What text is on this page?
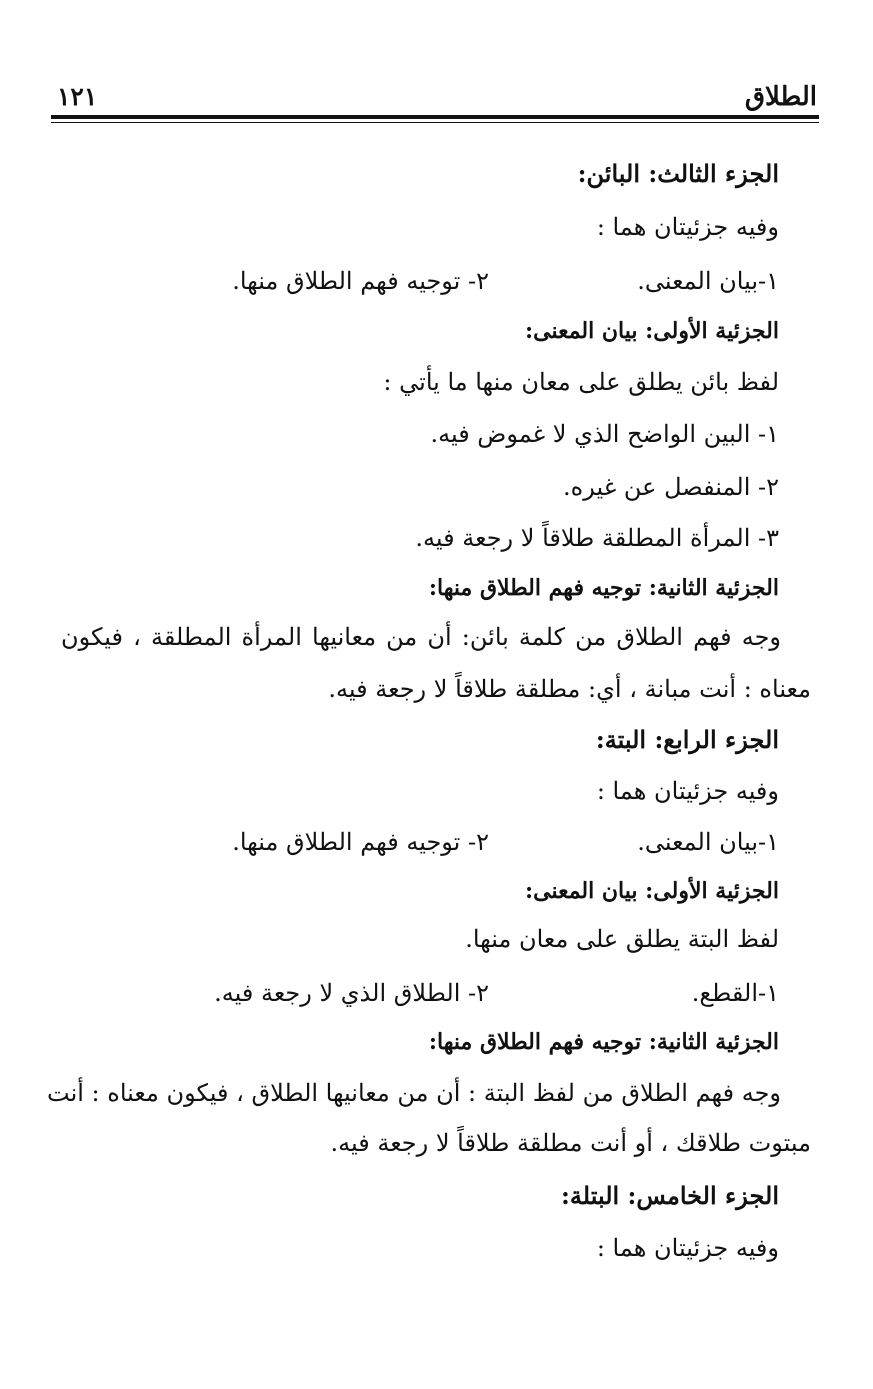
الطلاق
١٢١

الجزء الثالث: البائن:

وفيه جزئيتان هما :

١-بيان المعنى.
٢- توجيه فهم الطلاق منها.

الجزئية الأولى: بيان المعنى:

لفظ بائن يطلق على معان منها ما يأتي :

١- البين الواضح الذي لا غموض فيه.

٢- المنفصل عن غيره.

٣- المرأة المطلقة طلاقاً لا رجعة فيه.

الجزئية الثانية: توجيه فهم الطلاق منها:

وجه فهم الطلاق من كلمة بائن: أن من معانيها المرأة المطلقة ، فيكون

معناه : أنت مبانة ، أي: مطلقة طلاقاً لا رجعة فيه.

الجزء الرابع: البتة:

وفيه جزئيتان هما :

١-بيان المعنى.
٢- توجيه فهم الطلاق منها.

الجزئية الأولى: بيان المعنى:

لفظ البتة يطلق على معان منها.

١-القطع.
٢- الطلاق الذي لا رجعة فيه.

الجزئية الثانية: توجيه فهم الطلاق منها:

وجه فهم الطلاق من لفظ البتة : أن من معانيها الطلاق ، فيكون معناه : أنت

مبتوت طلاقك ، أو أنت مطلقة طلاقاً لا رجعة فيه.

الجزء الخامس: البتلة:

وفيه جزئيتان هما :
